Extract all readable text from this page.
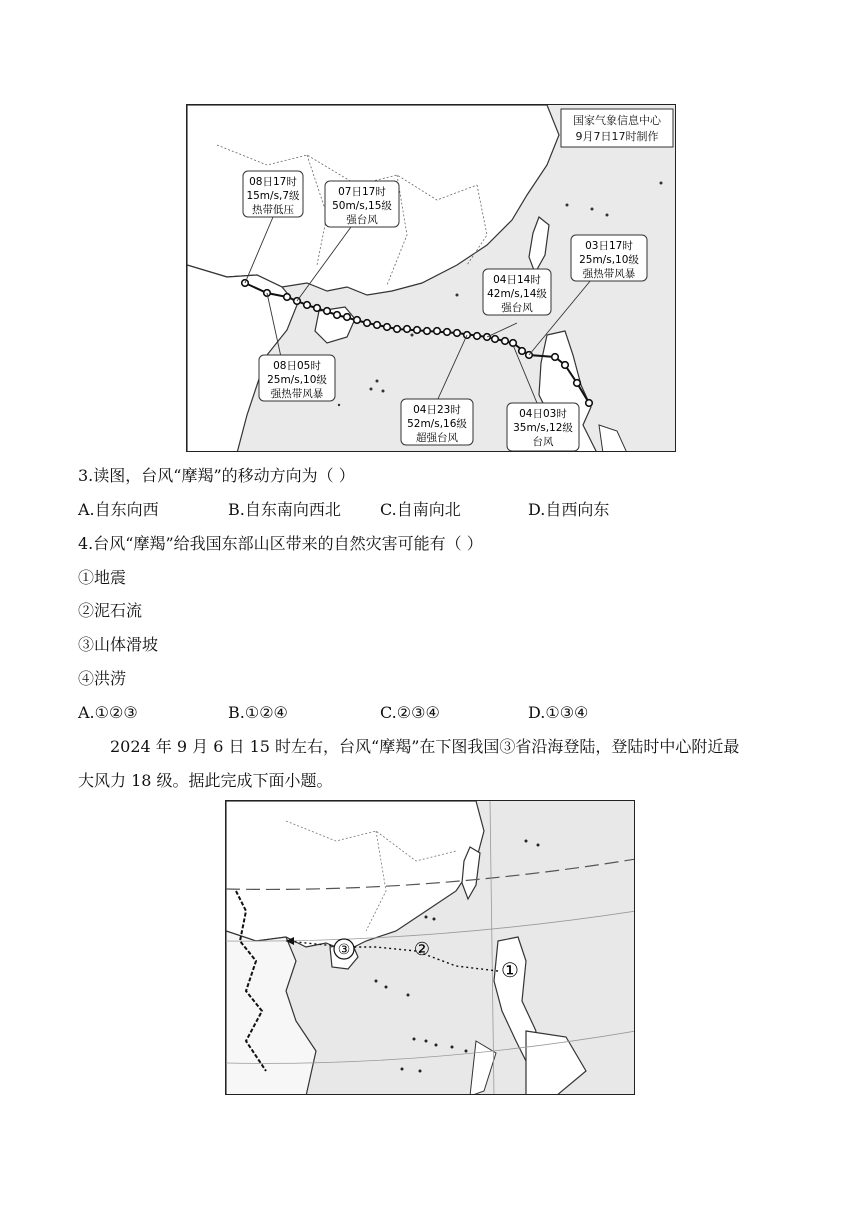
国家气象信息中心
9月7日17时制作
08日17时
15m/s,7级
热带低压
07日17时
50m/s,15级
强台风
03日17时
25m/s,10级
强热带风暴
04日14时
42m/s,14级
强台风
08日05时
25m/s,10级
强热带风暴
04日23时
52m/s,16级
超强台风
04日03时
35m/s,12级
台风
3.读图，台风“摩羯”的移动方向为（ ）
A.自东向西	B.自东南向西北 C.自南向北	D.自西向东
4.台风“摩羯”给我国东部山区带来的自然灾害可能有（ ）
①地震
②泥石流
③山体滑坡
④洪涝
A.①②③	B.①②④	C.②③④	D.①③④
2024 年 9 月 6 日 15 时左右，台风“摩羯”在下图我国③省沿海登陆，登陆时中心附近最
大风力 18 级。据此完成下面小题。
③	②
①
